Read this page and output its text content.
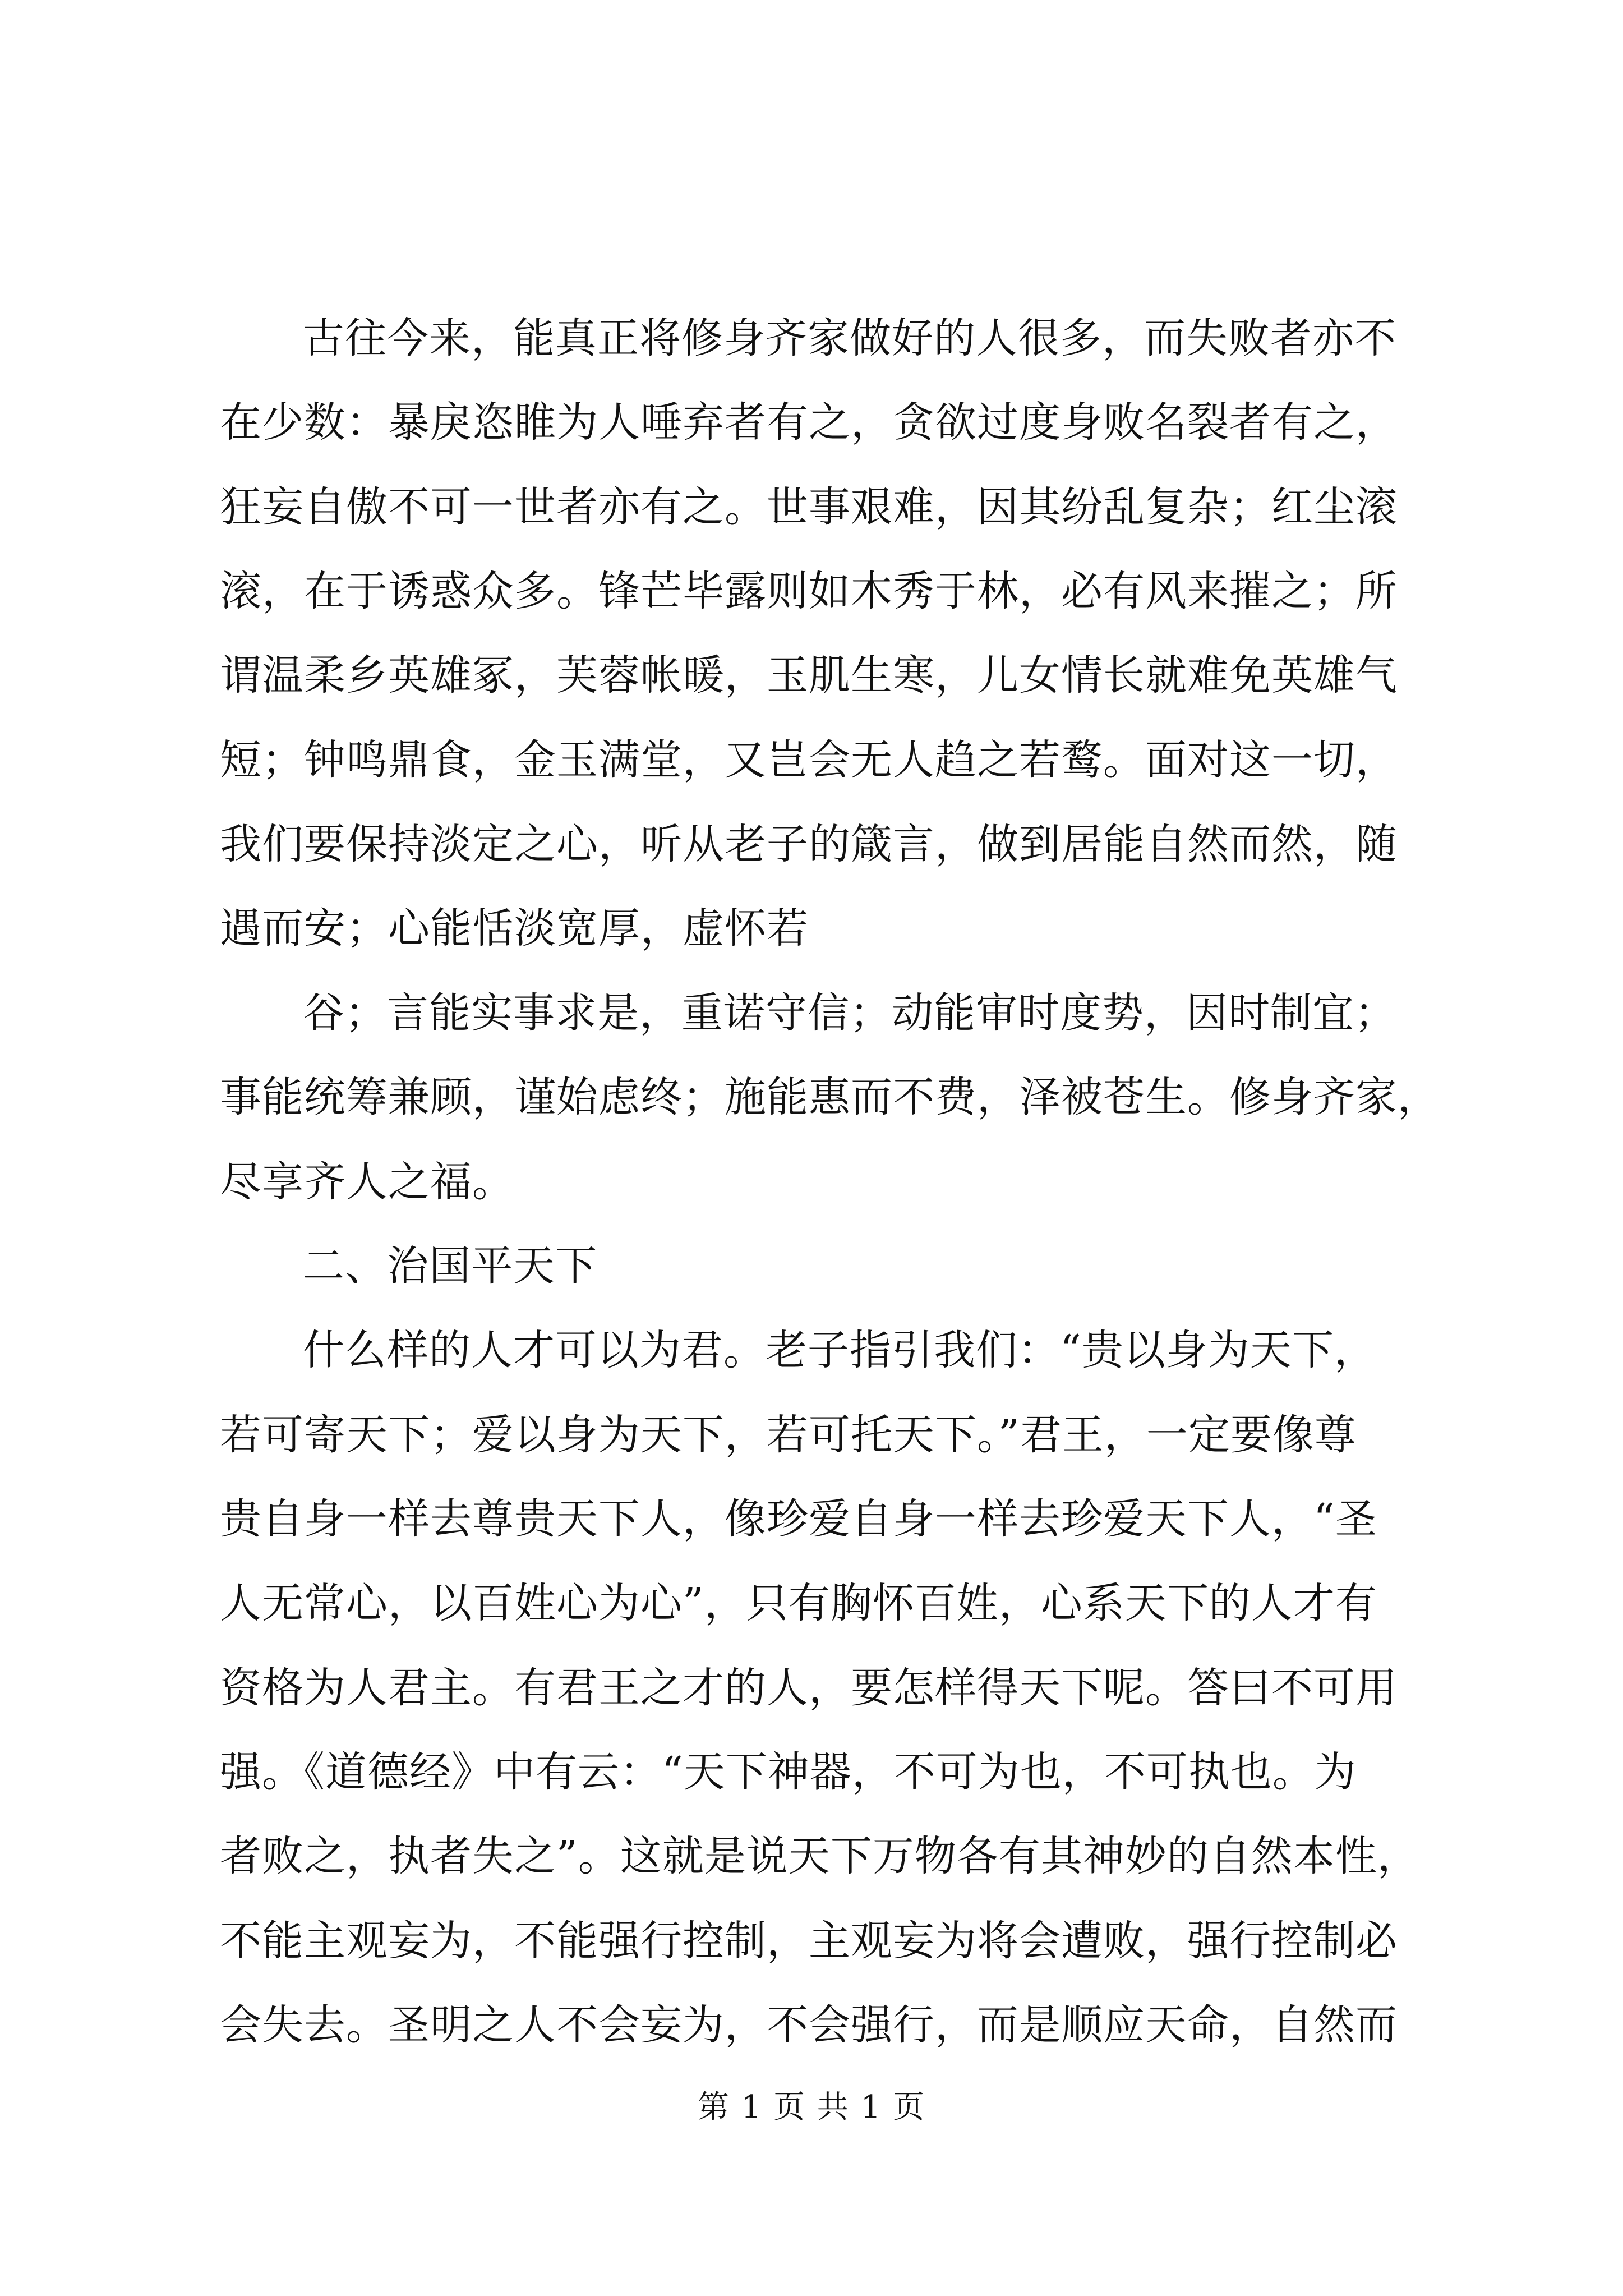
古往今来，能真正将修身齐家做好的人很多，而失败者亦不

在少数：暴戾恣睢为人唾弃者有之，贪欲过度身败名裂者有之，

狂妄自傲不可一世者亦有之。世事艰难，因其纷乱复杂；红尘滚

滚，在于诱惑众多。锋芒毕露则如木秀于林，必有风来摧之；所

谓温柔乡英雄冢，芙蓉帐暖，玉肌生寒，儿女情长就难免英雄气

短；钟鸣鼎食，金玉满堂，又岂会无人趋之若鹜。面对这一切，

我们要保持淡定之心，听从老子的箴言，做到居能自然而然，随

遇而安；心能恬淡宽厚，虚怀若

谷；言能实事求是，重诺守信；动能审时度势，因时制宜；

事能统筹兼顾，谨始虑终；施能惠而不费，泽被苍生。修身齐家，

尽享齐人之福。

二、治国平天下

什么样的人才可以为君。老子指引我们：“贵以身为天下，

若可寄天下；爱以身为天下，若可托天下。”君王，一定要像尊

贵自身一样去尊贵天下人，像珍爱自身一样去珍爱天下人，“圣

人无常心，以百姓心为心”，只有胸怀百姓，心系天下的人才有

资格为人君主。有君王之才的人，要怎样得天下呢。答曰不可用

强。《道德经》中有云：“天下神器，不可为也，不可执也。为

者败之，执者失之”。这就是说天下万物各有其神妙的自然本性，

不能主观妄为，不能强行控制，主观妄为将会遭败，强行控制必

会失去。圣明之人不会妄为，不会强行，而是顺应天命，自然而

第 1 页 共 1 页
